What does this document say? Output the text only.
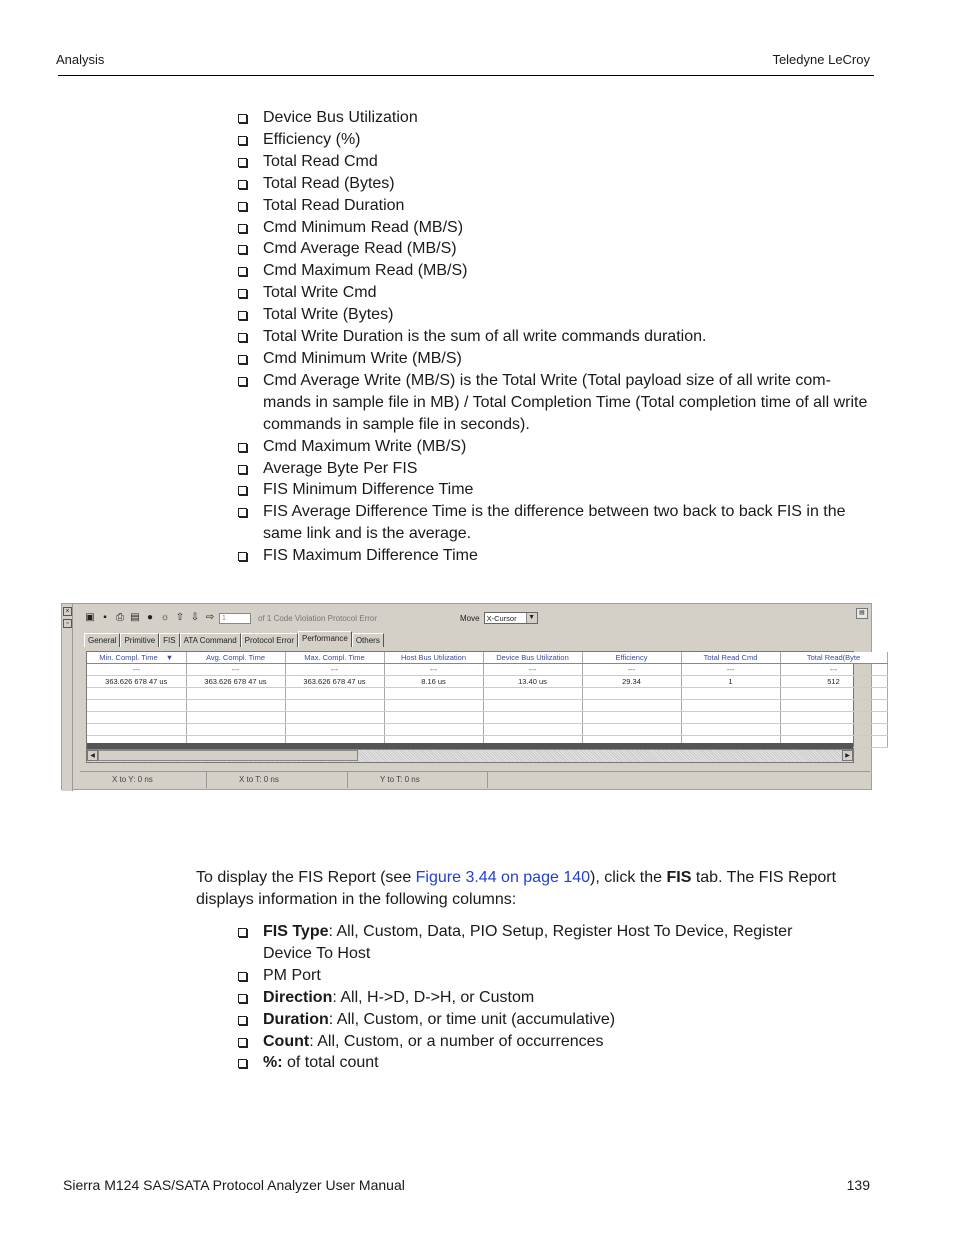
Analysis	Teledyne LeCroy
Device Bus Utilization
Efficiency (%)
Total Read Cmd
Total Read (Bytes)
Total Read Duration
Cmd Minimum Read (MB/S)
Cmd Average Read (MB/S)
Cmd Maximum Read (MB/S)
Total Write Cmd
Total Write (Bytes)
Total Write Duration is the sum of all write commands duration.
Cmd Minimum Write (MB/S)
Cmd Average Write (MB/S) is the Total Write (Total payload size of all write com-mands in sample file in MB) / Total Completion Time (Total completion time of all write commands in sample file in seconds).
Cmd Maximum Write (MB/S)
Average Byte Per FIS
FIS Minimum Difference Time
FIS Average Difference Time is the difference between two back to back FIS in the same link and is the average.
FIS Maximum Difference Time
×
▫
▣ ▪ ⎙ ▤ ● ☼ ⇧ ⇩ ⇨	1	of 1 Code Violation Protocol Error	Move X-Cursor	▼
▤
General	Primitive	FIS	ATA Command	Protocol Error	Performance	Others
Min. Compl. Time ▼	Avg. Compl. Time	Max. Compl. Time	Host Bus Utilization	Device Bus Utilization	Efficiency	Total Read Cmd	Total Read(Byte
---	---	---	---	---	---	---	---
363.626 678 47 us	363.626 678 47 us	363.626 678 47 us	8.16 us	13.40 us	29.34	1	512

◀	▶
X to Y: 0 ns	X to T: 0 ns	Y to T: 0 ns

To display the FIS Report (see Figure 3.44 on page 140), click the FIS tab. The FIS Report displays information in the following columns:

FIS Type: All, Custom, Data, PIO Setup, Register Host To Device, Register Device To Host
PM Port
Direction: All, H->D, D->H, or Custom
Duration: All, Custom, or time unit (accumulative)
Count: All, Custom, or a number of occurrences
%: of total count
Sierra M124 SAS/SATA Protocol Analyzer User Manual	139
